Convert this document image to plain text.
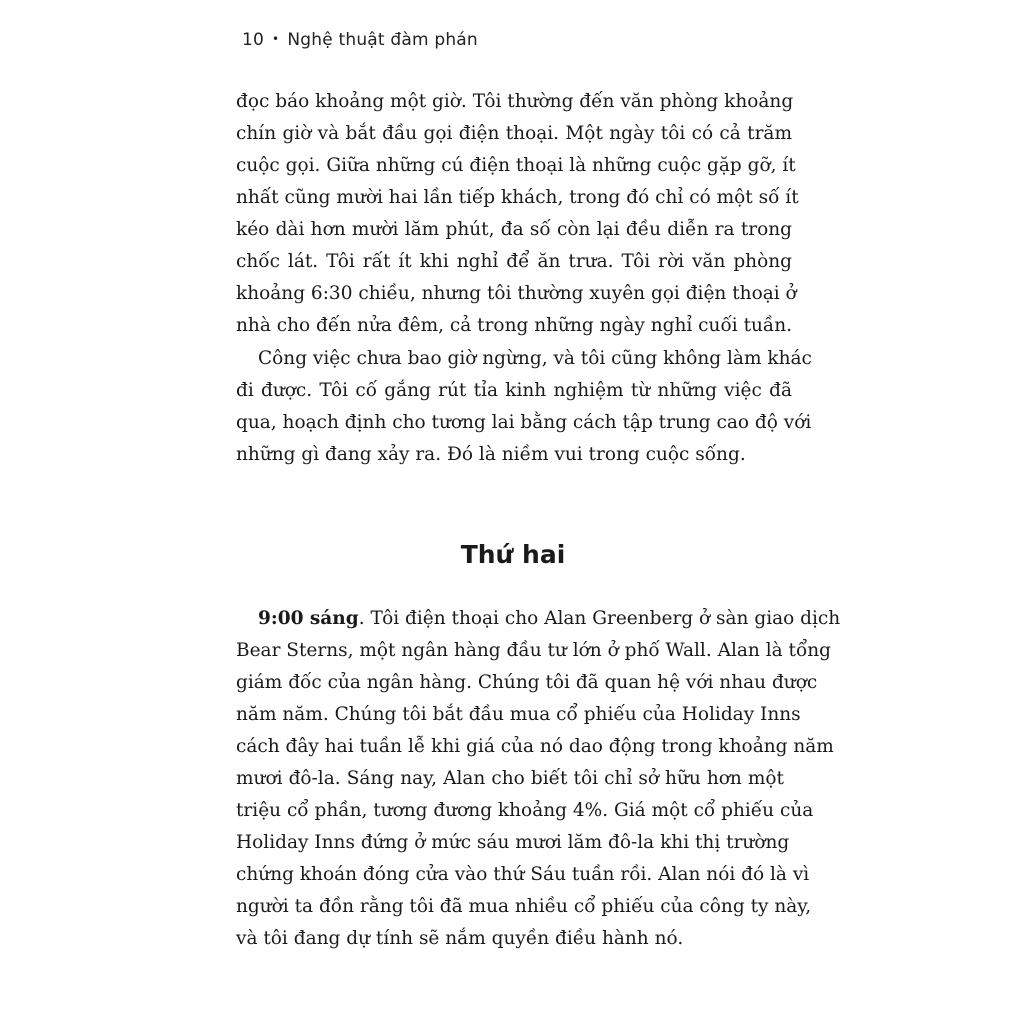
10 • Nghệ thuật đàm phán
đọc báo khoảng một giờ. Tôi thường đến văn phòng khoảng
chín giờ và bắt đầu gọi điện thoại. Một ngày tôi có cả trăm
cuộc gọi. Giữa những cú điện thoại là những cuộc gặp gỡ, ít
nhất cũng mười hai lần tiếp khách, trong đó chỉ có một số ít
kéo dài hơn mười lăm phút, đa số còn lại đều diễn ra trong
chốc lát. Tôi rất ít khi nghỉ để ăn trưa. Tôi rời văn phòng
khoảng 6:30 chiều, nhưng tôi thường xuyên gọi điện thoại ở
nhà cho đến nửa đêm, cả trong những ngày nghỉ cuối tuần.
Công việc chưa bao giờ ngừng, và tôi cũng không làm khác
đi được. Tôi cố gắng rút tỉa kinh nghiệm từ những việc đã
qua, hoạch định cho tương lai bằng cách tập trung cao độ với
những gì đang xảy ra. Đó là niềm vui trong cuộc sống.
Thứ hai
9:00 sáng. Tôi điện thoại cho Alan Greenberg ở sàn giao dịch
Bear Sterns, một ngân hàng đầu tư lớn ở phố Wall. Alan là tổng
giám đốc của ngân hàng. Chúng tôi đã quan hệ với nhau được
năm năm. Chúng tôi bắt đầu mua cổ phiếu của Holiday Inns
cách đây hai tuần lễ khi giá của nó dao động trong khoảng năm
mươi đô-la. Sáng nay, Alan cho biết tôi chỉ sở hữu hơn một
triệu cổ phần, tương đương khoảng 4%. Giá một cổ phiếu của
Holiday Inns đứng ở mức sáu mươi lăm đô-la khi thị trường
chứng khoán đóng cửa vào thứ Sáu tuần rồi. Alan nói đó là vì
người ta đồn rằng tôi đã mua nhiều cổ phiếu của công ty này,
và tôi đang dự tính sẽ nắm quyền điều hành nó.
